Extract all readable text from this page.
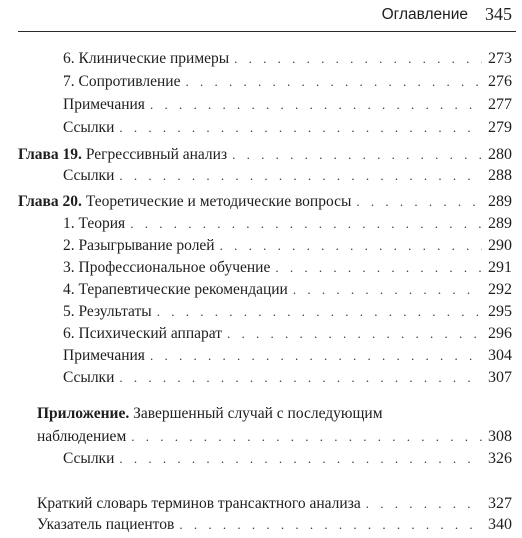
Оглавление 345
6. Клинические примеры . . .	273
7. Сопротивление . . .	276
Примечания . . .	277
Ссылки . . .	279
Глава 19. Регрессивный анализ . . .	280
Ссылки . . .	288
Глава 20. Теоретические и методические вопросы . . .	289
1. Теория . . .	289
2. Разыгрывание ролей . . .	290
3. Профессиональное обучение . . .	291
4. Терапевтические рекомендации . . .	292
5. Результаты . . .	295
6. Психический аппарат . . .	296
Примечания . . .	304
Ссылки . . .	307
Приложение. Завершенный случай с последующим
наблюдением . . .	308
Ссылки . . .	326
Краткий словарь терминов трансактного анализа . . .	327
Указатель пациентов . . .	340
